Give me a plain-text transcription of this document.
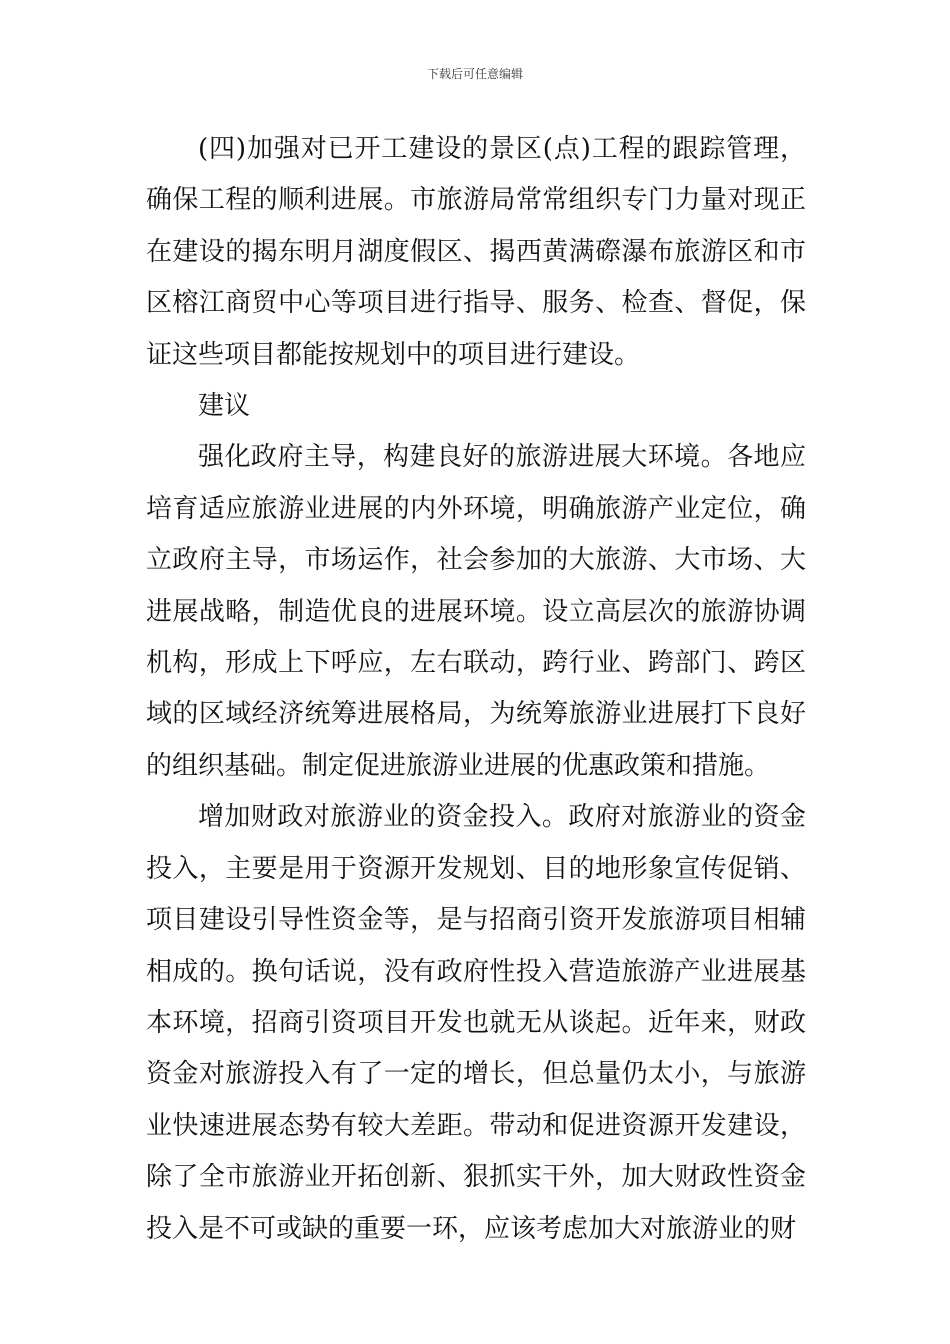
下载后可任意编辑

(四)加强对已开工建设的景区(点)工程的跟踪管理，确保工程的顺利进展。市旅游局常常组织专门力量对现正在建设的揭东明月湖度假区、揭西黄满磜瀑布旅游区和市区榕江商贸中心等项目进行指导、服务、检查、督促，保证这些项目都能按规划中的项目进行建设。

建议

强化政府主导，构建良好的旅游进展大环境。各地应培育适应旅游业进展的内外环境，明确旅游产业定位，确立政府主导，市场运作，社会参加的大旅游、大市场、大进展战略，制造优良的进展环境。设立高层次的旅游协调机构，形成上下呼应，左右联动，跨行业、跨部门、跨区域的区域经济统筹进展格局，为统筹旅游业进展打下良好的组织基础。制定促进旅游业进展的优惠政策和措施。

增加财政对旅游业的资金投入。政府对旅游业的资金投入，主要是用于资源开发规划、目的地形象宣传促销、项目建设引导性资金等，是与招商引资开发旅游项目相辅相成的。换句话说，没有政府性投入营造旅游产业进展基本环境，招商引资项目开发也就无从谈起。近年来，财政资金对旅游投入有了一定的增长，但总量仍太小，与旅游业快速进展态势有较大差距。带动和促进资源开发建设，除了全市旅游业开拓创新、狠抓实干外，加大财政性资金投入是不可或缺的重要一环，应该考虑加大对旅游业的财
